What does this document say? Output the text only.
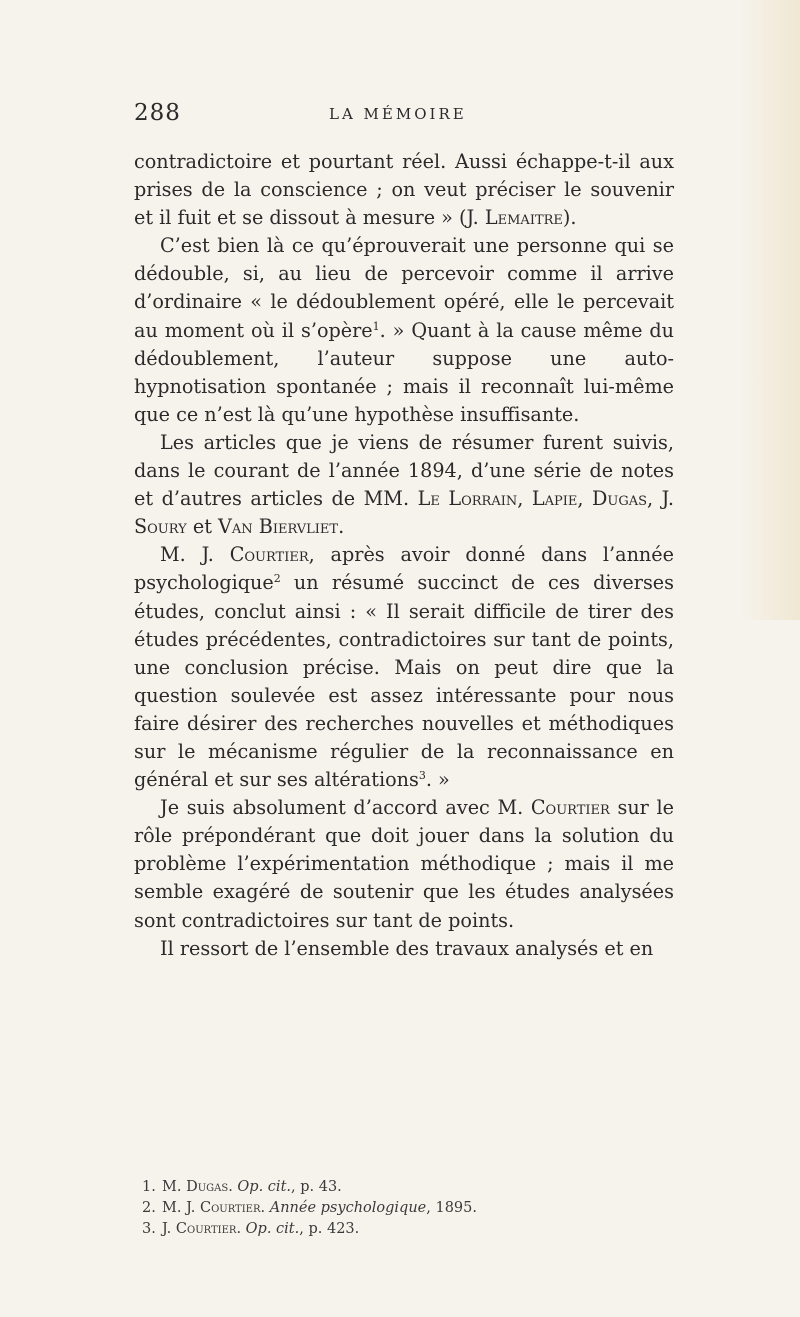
288	LA MÉMOIRE

contradictoire et pourtant réel. Aussi échappe-t-il aux prises de la conscience ; on veut préciser le souvenir et il fuit et se dissout à mesure » (J. Lemaitre).

C’est bien là ce qu’éprouverait une personne qui se dédouble, si, au lieu de percevoir comme il arrive d’ordinaire « le dédoublement opéré, elle le percevait au moment où il s’opère$^1$. » Quant à la cause même du dédoublement, l’auteur suppose une auto-hypnotisation spontanée ; mais il reconnaît lui-même que ce n’est là qu’une hypothèse insuffisante.

Les articles que je viens de résumer furent suivis, dans le courant de l’année 1894, d’une série de notes et d’autres articles de MM. Le Lorrain, Lapie, Dugas, J. Soury et Van Biervliet.

M. J. Courtier, après avoir donné dans l’année psychologique$^2$ un résumé succinct de ces diverses études, conclut ainsi : « Il serait difficile de tirer des études précédentes, contradictoires sur tant de points, une conclusion précise. Mais on peut dire que la question soulevée est assez intéressante pour nous faire désirer des recherches nouvelles et méthodiques sur le mécanisme régulier de la reconnaissance en général et sur ses altérations$^3$. »

Je suis absolument d’accord avec M. Courtier sur le rôle prépondérant que doit jouer dans la solution du problème l’expérimentation méthodique ; mais il me semble exagéré de soutenir que les études analysées sont contradictoires sur tant de points.

Il ressort de l’ensemble des travaux analysés et en

1. M. Dugas. Op. cit., p. 43.
2. M. J. Courtier. Année psychologique, 1895.
3. J. Courtier. Op. cit., p. 423.
